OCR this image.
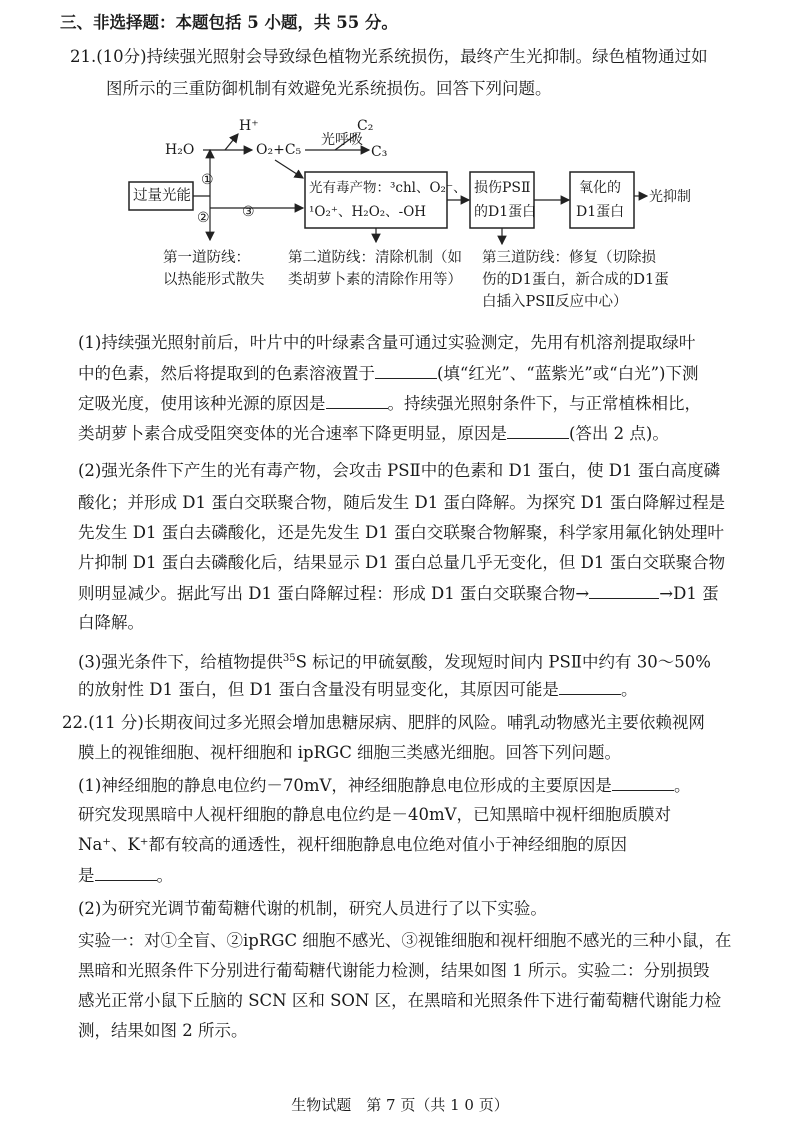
三、非选择题：本题包括 5 小题，共 55 分。
21.(10分)持续强光照射会导致绿色植物光系统损伤，最终产生光抑制。绿色植物通过如
图所示的三重防御机制有效避免光系统损伤。回答下列问题。
H₂O
H⁺
O₂+C₅
光呼吸
C₂
C₃
过量光能
①
② ③
光有毒产物：³chl、O₂⁻、
¹O₂⁺、H₂O₂、-OH
损伤PSⅡ
的D1蛋白
氧化的
D1蛋白
光抑制
第一道防线：
以热能形式散失
第二道防线：清除机制（如
类胡萝卜素的清除作用等）
第三道防线：修复（切除损
伤的D1蛋白，新合成的D1蛋
白插入PSⅡ反应中心）
(1)持续强光照射前后，叶片中的叶绿素含量可通过实验测定，先用有机溶剂提取绿叶
中的色素，然后将提取到的色素溶液置于	(填“红光”、“蓝紫光”或“白光”)下测
定吸光度，使用该种光源的原因是	。持续强光照射条件下，与正常植株相比，
类胡萝卜素合成受阻突变体的光合速率下降更明显，原因是	(答出 2 点)。
(2)强光条件下产生的光有毒产物，会攻击 PSⅡ中的色素和 D1 蛋白，使 D1 蛋白高度磷
酸化；并形成 D1 蛋白交联聚合物，随后发生 D1 蛋白降解。为探究 D1 蛋白降解过程是
先发生 D1 蛋白去磷酸化，还是先发生 D1 蛋白交联聚合物解聚，科学家用氟化钠处理叶
片抑制 D1 蛋白去磷酸化后，结果显示 D1 蛋白总量几乎无变化，但 D1 蛋白交联聚合物
则明显减少。据此写出 D1 蛋白降解过程：形成 D1 蛋白交联聚合物→	→D1 蛋
白降解。
(3)强光条件下，给植物提供$^{35}$S 标记的甲硫氨酸，发现短时间内 PSⅡ中约有 30～50%
的放射性 D1 蛋白，但 D1 蛋白含量没有明显变化，其原因可能是	。
22.(11 分)长期夜间过多光照会增加患糖尿病、肥胖的风险。哺乳动物感光主要依赖视网
膜上的视锥细胞、视杆细胞和 ipRGC 细胞三类感光细胞。回答下列问题。
(1)神经细胞的静息电位约－70mV，神经细胞静息电位形成的主要原因是	。
研究发现黑暗中人视杆细胞的静息电位约是－40mV，已知黑暗中视杆细胞质膜对
Na⁺、K⁺都有较高的通透性，视杆细胞静息电位绝对值小于神经细胞的原因
是	。
(2)为研究光调节葡萄糖代谢的机制，研究人员进行了以下实验。
实验一：对①全盲、②ipRGC 细胞不感光、③视锥细胞和视杆细胞不感光的三种小鼠，在
黑暗和光照条件下分别进行葡萄糖代谢能力检测，结果如图 1 所示。实验二：分别损毁
感光正常小鼠下丘脑的 SCN 区和 SON 区，在黑暗和光照条件下进行葡萄糖代谢能力检
测，结果如图 2 所示。
生物试题　第 7 页（共 1 0 页）
